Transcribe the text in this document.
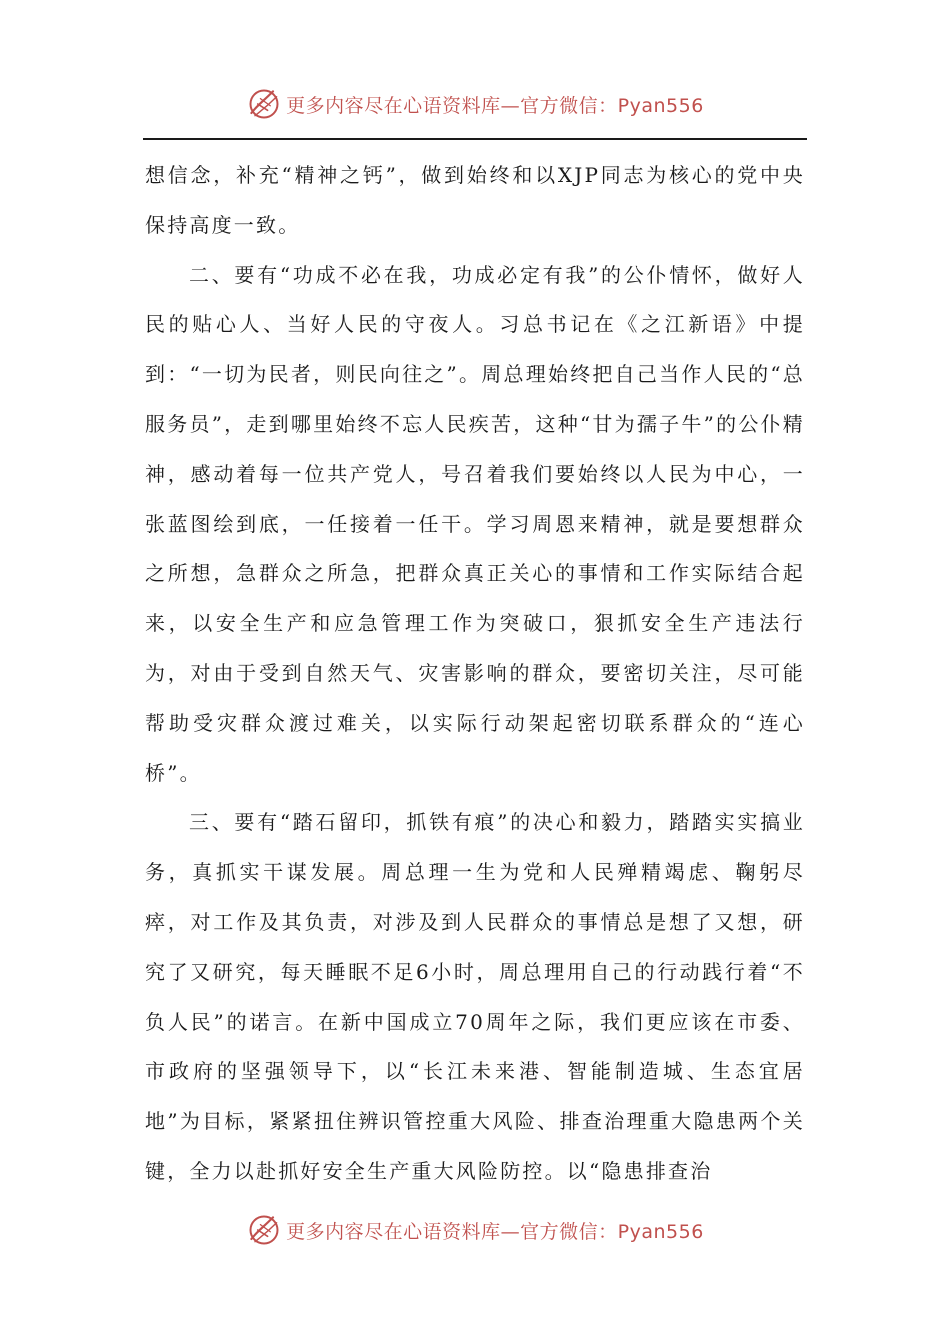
更多内容尽在心语资料库—官方微信：Pyan556

想信念，补充“精神之钙”，做到始终和以XJP同志为核心的党中央保持高度一致。

二、要有“功成不必在我，功成必定有我”的公仆情怀，做好人民的贴心人、当好人民的守夜人。习总书记在《之江新语》中提到：“一切为民者，则民向往之”。周总理始终把自己当作人民的“总服务员”，走到哪里始终不忘人民疾苦，这种“甘为孺子牛”的公仆精神，感动着每一位共产党人，号召着我们要始终以人民为中心，一张蓝图绘到底，一任接着一任干。学习周恩来精神，就是要想群众之所想，急群众之所急，把群众真正关心的事情和工作实际结合起来，以安全生产和应急管理工作为突破口，狠抓安全生产违法行为，对由于受到自然天气、灾害影响的群众，要密切关注，尽可能帮助受灾群众渡过难关，以实际行动架起密切联系群众的“连心桥”。

三、要有“踏石留印，抓铁有痕”的决心和毅力，踏踏实实搞业务，真抓实干谋发展。周总理一生为党和人民殚精竭虑、鞠躬尽瘁，对工作及其负责，对涉及到人民群众的事情总是想了又想，研究了又研究，每天睡眠不足6小时，周总理用自己的行动践行着“不负人民”的诺言。在新中国成立70周年之际，我们更应该在市委、市政府的坚强领导下，以“长江未来港、智能制造城、生态宜居地”为目标，紧紧扭住辨识管控重大风险、排查治理重大隐患两个关键，全力以赴抓好安全生产重大风险防控。以“隐患排查治

更多内容尽在心语资料库—官方微信：Pyan556
